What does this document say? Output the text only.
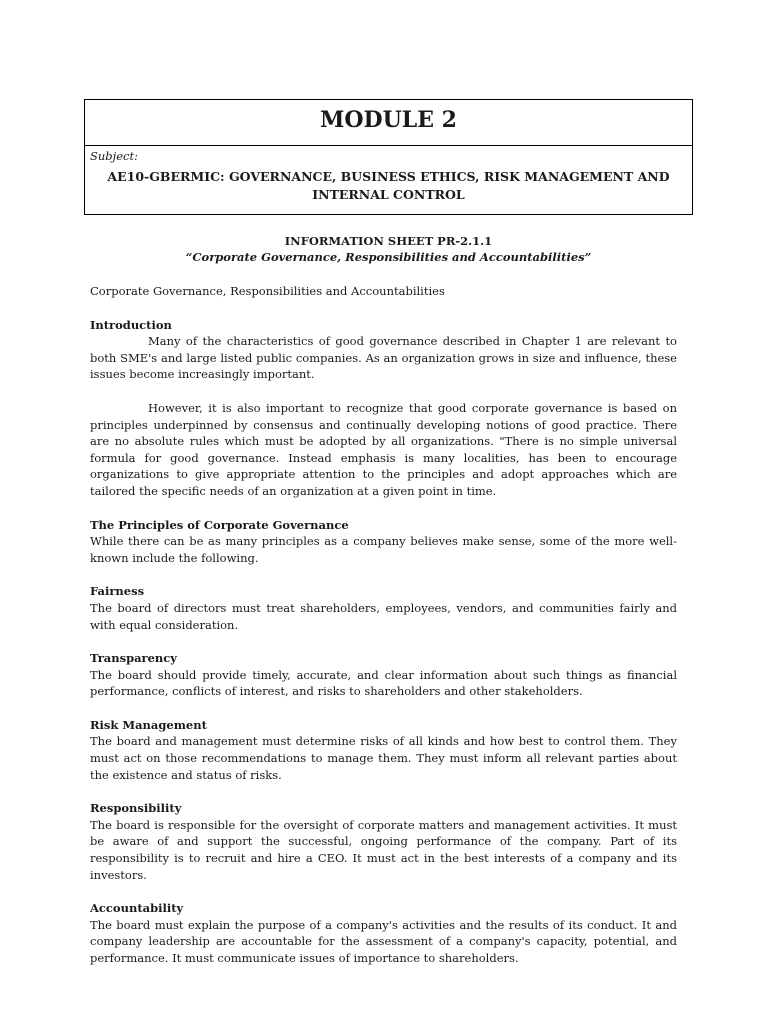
MODULE 2
Subject:
AE10-GBERMIC: GOVERNANCE, BUSINESS ETHICS, RISK MANAGEMENT AND INTERNAL CONTROL
INFORMATION SHEET PR-2.1.1
“Corporate Governance, Responsibilities and Accountabilities”

Corporate Governance, Responsibilities and Accountabilities

Introduction

Many of the characteristics of good governance described in Chapter 1 are relevant to both SME's and large listed public companies. As an organization grows in size and influence, these issues become increasingly important.

However, it is also important to recognize that good corporate governance is based on principles underpinned by consensus and continually developing notions of good practice. There are no absolute rules which must be adopted by all organizations. "There is no simple universal formula for good governance. Instead emphasis is many localities, has been to encourage organizations to give appropriate attention to the principles and adopt approaches which are tailored the specific needs of an organization at a given point in time.

The Principles of Corporate Governance

While there can be as many principles as a company believes make sense, some of the more well-known include the following.

Fairness

The board of directors must treat shareholders, employees, vendors, and communities fairly and with equal consideration.

Transparency

The board should provide timely, accurate, and clear information about such things as financial performance, conflicts of interest, and risks to shareholders and other stakeholders.

Risk Management

The board and management must determine risks of all kinds and how best to control them. They must act on those recommendations to manage them. They must inform all relevant parties about the existence and status of risks.

Responsibility

The board is responsible for the oversight of corporate matters and management activities. It must be aware of and support the successful, ongoing performance of the company. Part of its responsibility is to recruit and hire a CEO. It must act in the best interests of a company and its investors.

Accountability

The board must explain the purpose of a company's activities and the results of its conduct. It and company leadership are accountable for the assessment of a company's capacity, potential, and performance. It must communicate issues of importance to shareholders.
